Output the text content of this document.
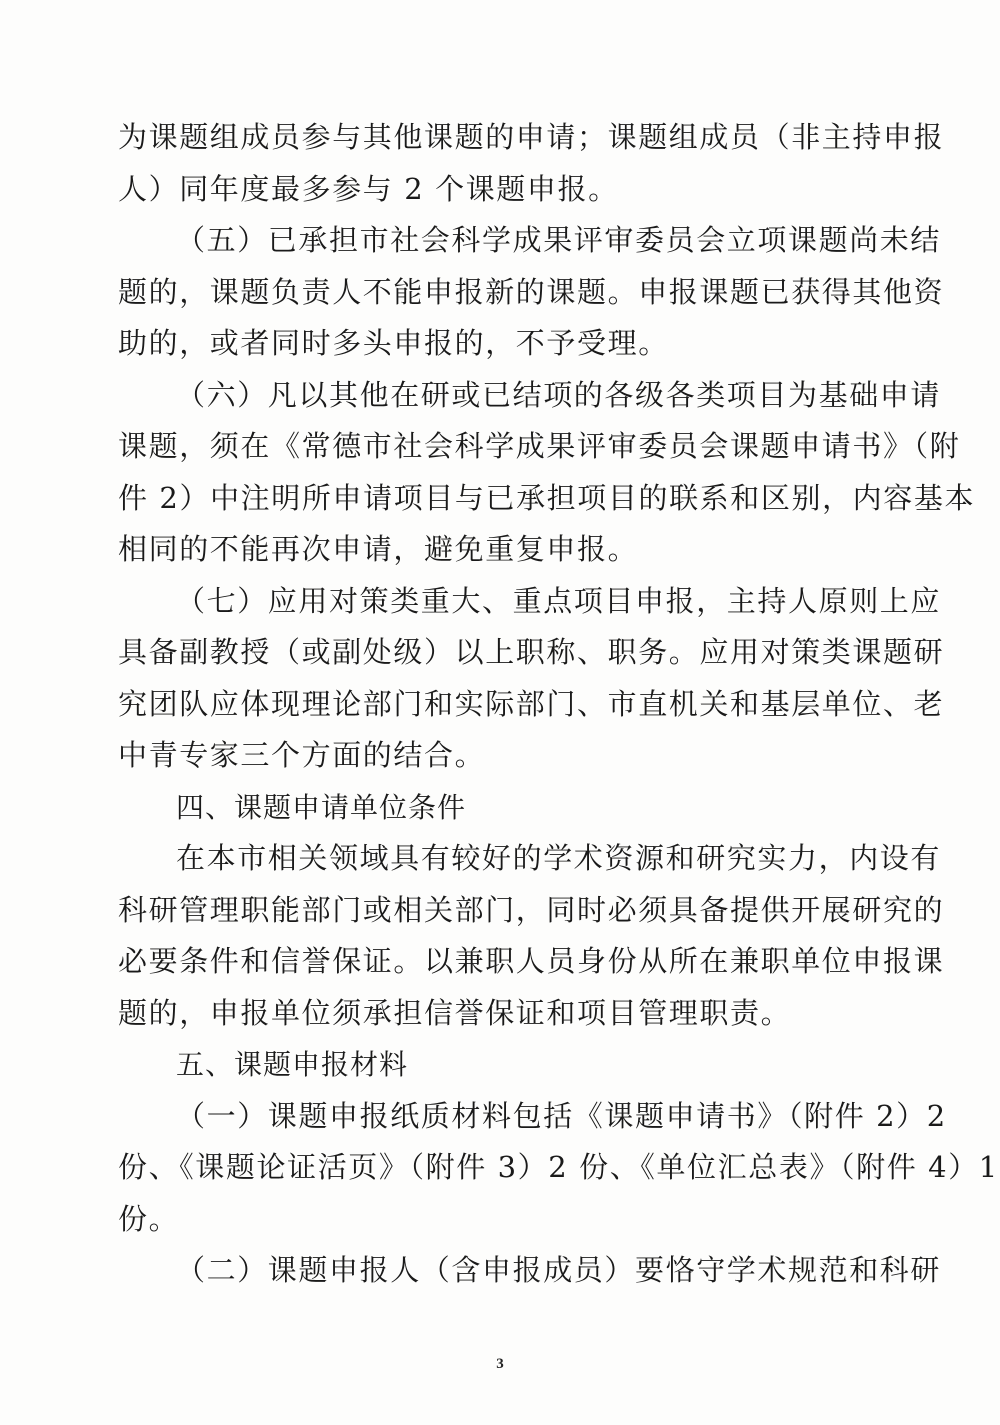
为课题组成员参与其他课题的申请；课题组成员（非主持申报
人）同年度最多参与 2 个课题申报。
（五）已承担市社会科学成果评审委员会立项课题尚未结
题的，课题负责人不能申报新的课题。申报课题已获得其他资
助的，或者同时多头申报的，不予受理。
（六）凡以其他在研或已结项的各级各类项目为基础申请
课题，须在《常德市社会科学成果评审委员会课题申请书》（附
件 2）中注明所申请项目与已承担项目的联系和区别，内容基本
相同的不能再次申请，避免重复申报。
（七）应用对策类重大、重点项目申报，主持人原则上应
具备副教授（或副处级）以上职称、职务。应用对策类课题研
究团队应体现理论部门和实际部门、市直机关和基层单位、老
中青专家三个方面的结合。
四、课题申请单位条件
在本市相关领域具有较好的学术资源和研究实力，内设有
科研管理职能部门或相关部门，同时必须具备提供开展研究的
必要条件和信誉保证。以兼职人员身份从所在兼职单位申报课
题的，申报单位须承担信誉保证和项目管理职责。
五、课题申报材料
（一）课题申报纸质材料包括《课题申请书》（附件 2）2
份、《课题论证活页》（附件 3）2 份、《单位汇总表》（附件 4）1
份。
（二）课题申报人（含申报成员）要恪守学术规范和科研
3
